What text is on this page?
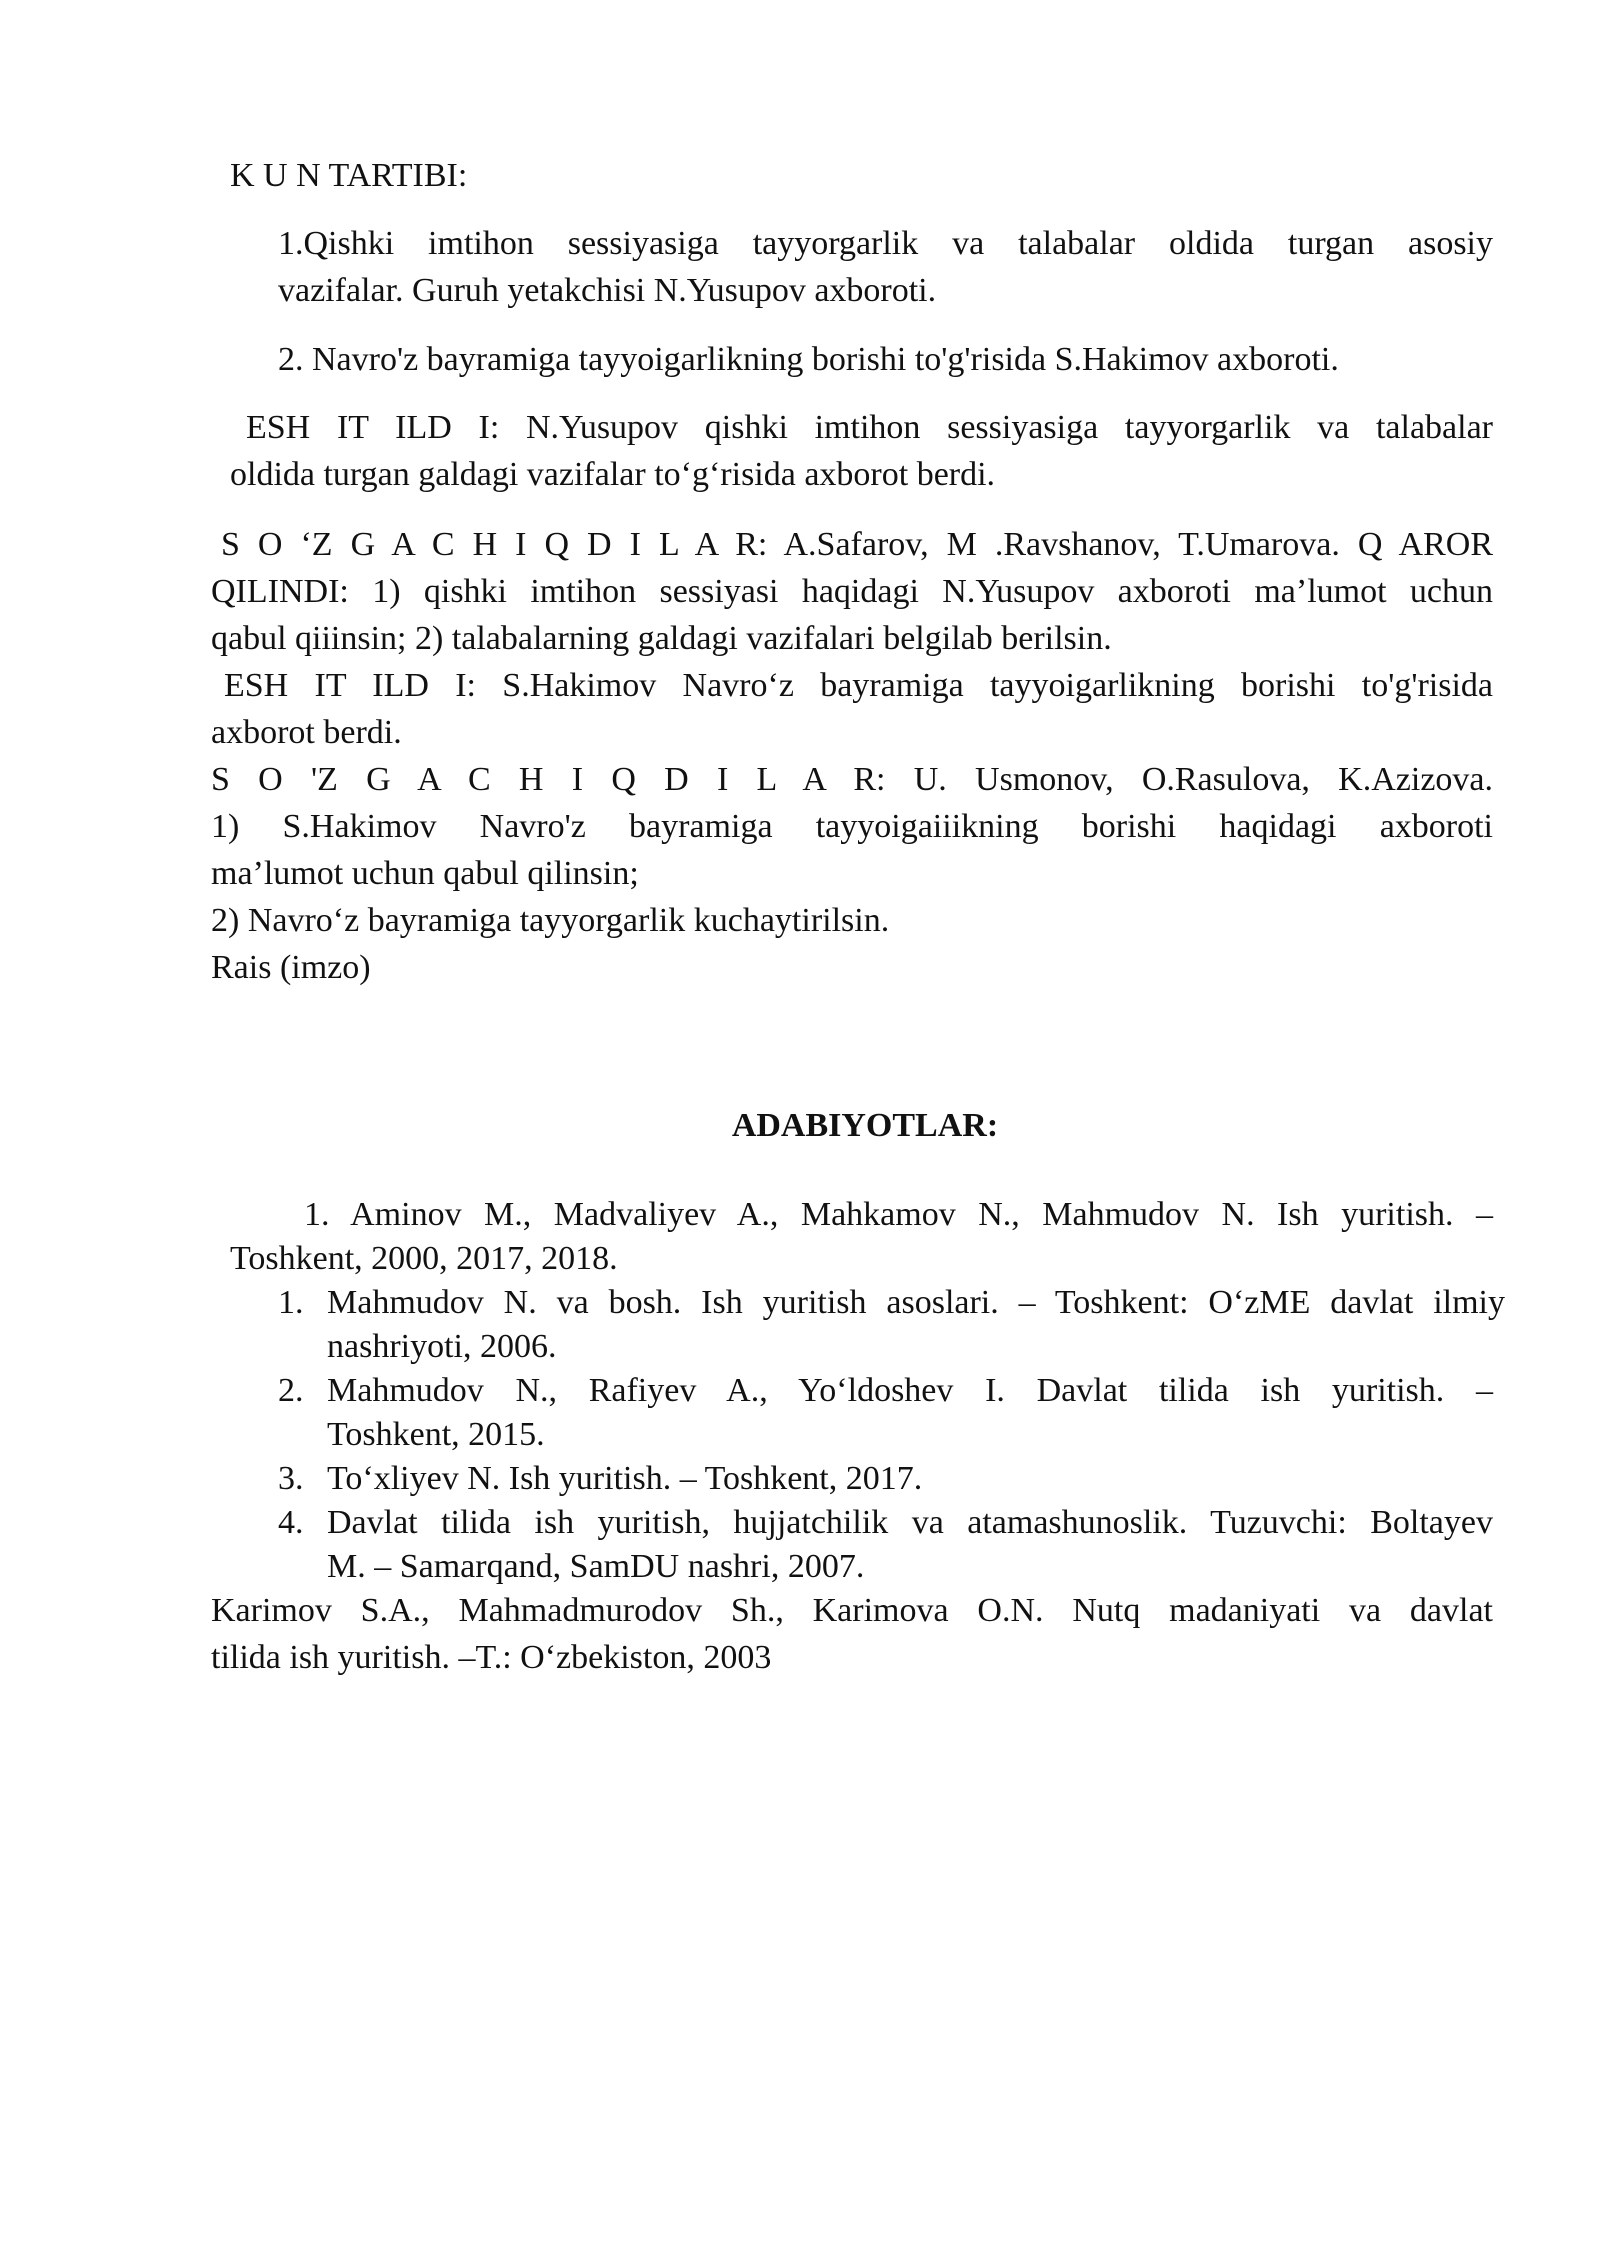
K U N TARTIBI:
1.Qishki imtihon sessiyasiga tayyorgarlik va talabalar oldida turgan asosiy
vazifalar. Guruh yetakchisi N.Yusupov axboroti.
2. Navro'z bayramiga tayyoigarlikning borishi to'g'risida S.Hakimov axboroti.
ESH IT ILD I: N.Yusupov qishki imtihon sessiyasiga tayyorgarlik va talabalar
oldida turgan galdagi vazifalar to‘g‘risida axborot berdi.
S O ‘Z G A C H I Q D I L A R: A.Safarov, M .Ravshanov, T.Umarova. Q AROR
QILINDI: 1) qishki imtihon sessiyasi haqidagi N.Yusupov axboroti ma’lumot uchun
qabul qiiinsin; 2) talabalarning galdagi vazifalari belgilab berilsin.
ESH IT ILD I: S.Hakimov Navro‘z bayramiga tayyoigarlikning borishi to'g'risida
axborot berdi.
S O 'Z G A C H I Q D I L A R: U. Usmonov, O.Rasulova, K.Azizova.
1) S.Hakimov Navro'z bayramiga tayyoigaiiikning borishi haqidagi axboroti
ma’lumot uchun qabul qilinsin;
2) Navro‘z bayramiga tayyorgarlik kuchaytirilsin.
Rais (imzo)
ADABIYOTLAR:
1. Aminov M., Madvaliyev A., Mahkamov N., Mahmudov N. Ish yuritish. –
Toshkent, 2000, 2017, 2018.
1. Mahmudov N. va bosh. Ish yuritish asoslari. – Toshkent: O‘zME davlat ilmiy
nashriyoti, 2006.
2. Mahmudov N., Rafiyev A., Yo‘ldoshev I. Davlat tilida ish yuritish. –
Toshkent, 2015.
3. To‘xliyev N. Ish yuritish. – Toshkent, 2017.
4. Davlat tilida ish yuritish, hujjatchilik va atamashunoslik. Tuzuvchi: Boltayev
M. – Samarqand, SamDU nashri, 2007.
Karimov S.A., Mahmadmurodov Sh., Karimova O.N. Nutq madaniyati va davlat
tilida ish yuritish. –T.: O‘zbekiston, 2003
